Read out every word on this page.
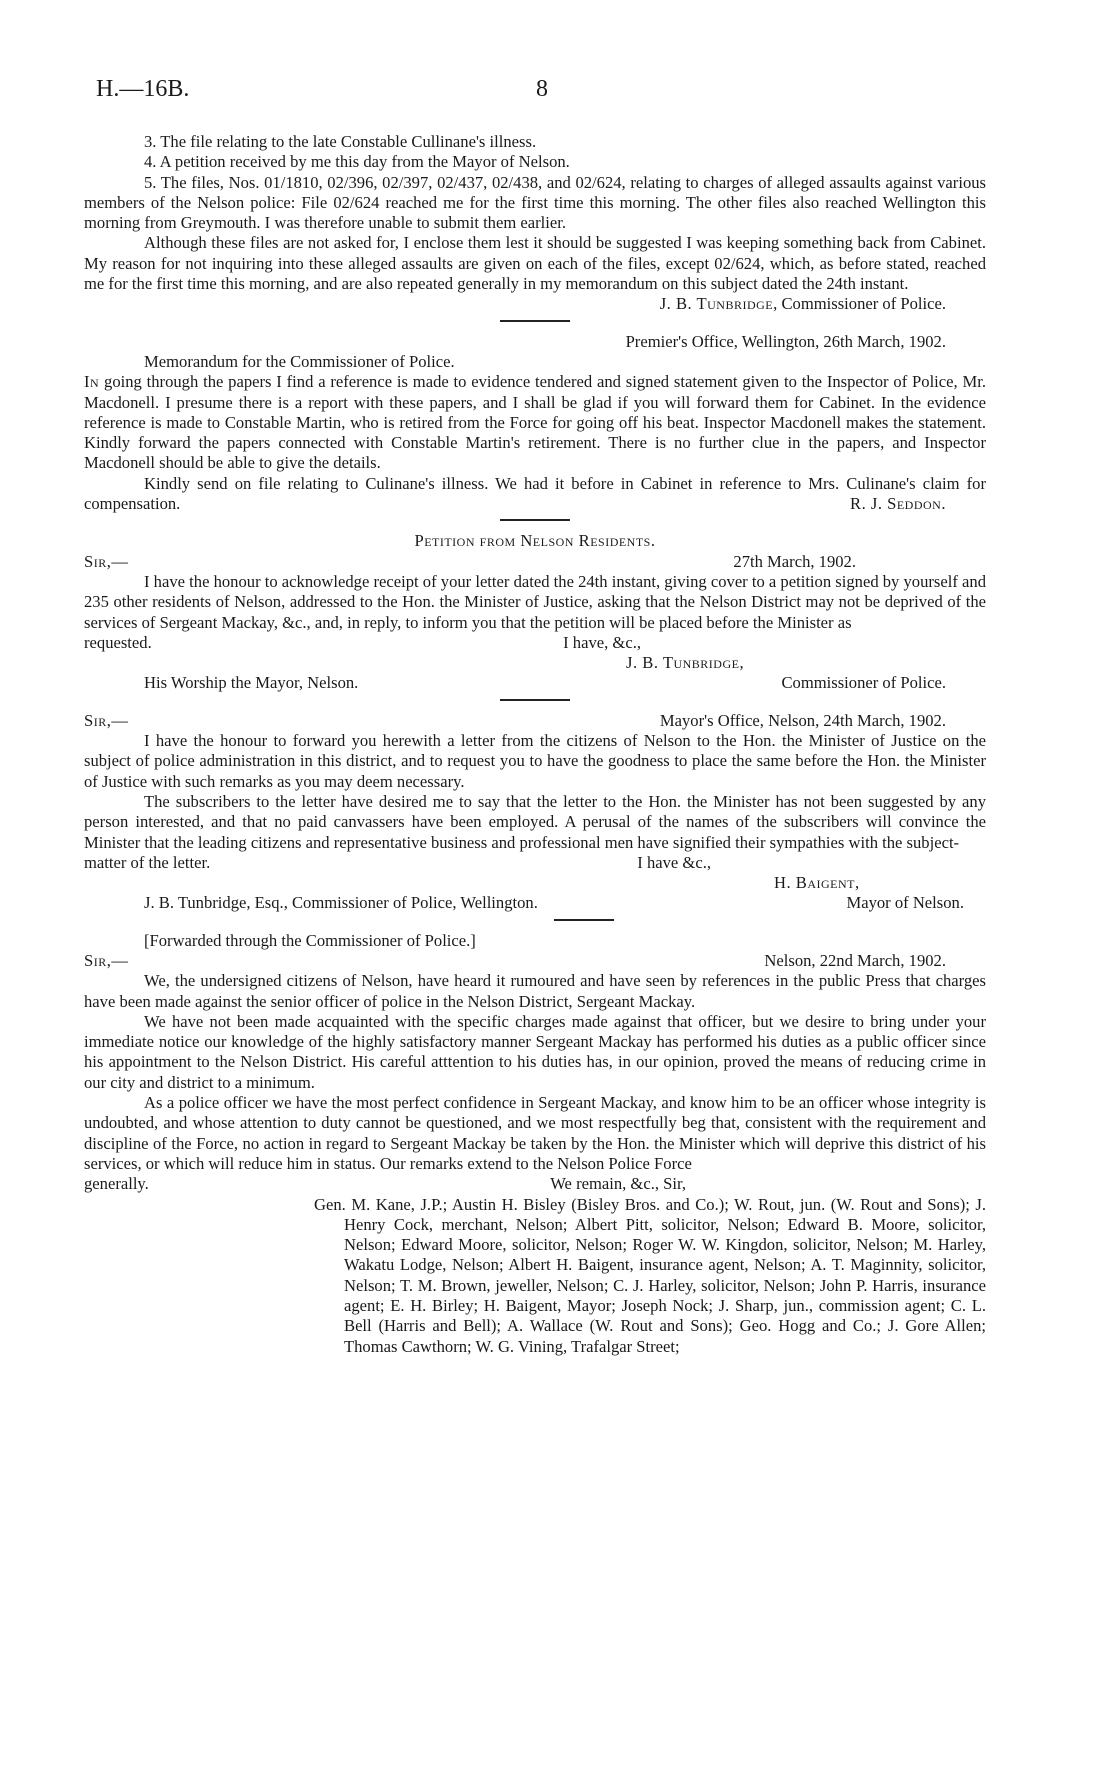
H.—16B.	8

3. The file relating to the late Constable Cullinane's illness.

4. A petition received by me this day from the Mayor of Nelson.

5. The files, Nos. 01/1810, 02/396, 02/397, 02/437, 02/438, and 02/624, relating to charges of alleged assaults against various members of the Nelson police: File 02/624 reached me for the first time this morning. The other files also reached Wellington this morning from Greymouth. I was therefore unable to submit them earlier.

Although these files are not asked for, I enclose them lest it should be suggested I was keeping something back from Cabinet. My reason for not inquiring into these alleged assaults are given on each of the files, except 02/624, which, as before stated, reached me for the first time this morning, and are also repeated generally in my memorandum on this subject dated the 24th instant.

J. B. Tunbridge, Commissioner of Police.

Premier's Office, Wellington, 26th March, 1902.

Memorandum for the Commissioner of Police.

In going through the papers I find a reference is made to evidence tendered and signed statement given to the Inspector of Police, Mr. Macdonell. I presume there is a report with these papers, and I shall be glad if you will forward them for Cabinet. In the evidence reference is made to Constable Martin, who is retired from the Force for going off his beat. Inspector Macdonell makes the statement. Kindly forward the papers connected with Constable Martin's retirement. There is no further clue in the papers, and Inspector Macdonell should be able to give the details.

Kindly send on file relating to Culinane's illness. We had it before in Cabinet in reference to Mrs. Culinane's claim for compensation.	R. J. Seddon.

Petition from Nelson Residents.

Sir,—	27th March, 1902.

I have the honour to acknowledge receipt of your letter dated the 24th instant, giving cover to a petition signed by yourself and 235 other residents of Nelson, addressed to the Hon. the Minister of Justice, asking that the Nelson District may not be deprived of the services of Sergeant Mackay, &c., and, in reply, to inform you that the petition will be placed before the Minister as

requested.	I have, &c.,

J. B. Tunbridge,

His Worship the Mayor, Nelson.	Commissioner of Police.
Sir,—	Mayor's Office, Nelson, 24th March, 1902.

I have the honour to forward you herewith a letter from the citizens of Nelson to the Hon. the Minister of Justice on the subject of police administration in this district, and to request you to have the goodness to place the same before the Hon. the Minister of Justice with such remarks as you may deem necessary.

The subscribers to the letter have desired me to say that the letter to the Hon. the Minister has not been suggested by any person interested, and that no paid canvassers have been employed. A perusal of the names of the subscribers will convince the Minister that the leading citizens and representative business and professional men have signified their sympathies with the subject-

matter of the letter.	I have &c.,

H. Baigent,

J. B. Tunbridge, Esq., Commissioner of Police, Wellington.	Mayor of Nelson.

[Forwarded through the Commissioner of Police.]

Sir,—	Nelson, 22nd March, 1902.

We, the undersigned citizens of Nelson, have heard it rumoured and have seen by references in the public Press that charges have been made against the senior officer of police in the Nelson District, Sergeant Mackay.

We have not been made acquainted with the specific charges made against that officer, but we desire to bring under your immediate notice our knowledge of the highly satisfactory manner Sergeant Mackay has performed his duties as a public officer since his appointment to the Nelson District. His careful atttention to his duties has, in our opinion, proved the means of reducing crime in our city and district to a minimum.

As a police officer we have the most perfect confidence in Sergeant Mackay, and know him to be an officer whose integrity is undoubted, and whose attention to duty cannot be questioned, and we most respectfully beg that, consistent with the requirement and discipline of the Force, no action in regard to Sergeant Mackay be taken by the Hon. the Minister which will deprive this district of his services, or which will reduce him in status. Our remarks extend to the Nelson Police Force

generally.	We remain, &c., Sir,

Gen. M. Kane, J.P.; Austin H. Bisley (Bisley Bros. and Co.); W. Rout, jun. (W. Rout and Sons); J. Henry Cock, merchant, Nelson; Albert Pitt, solicitor, Nelson; Edward B. Moore, solicitor, Nelson; Edward Moore, solicitor, Nelson; Roger W. W. Kingdon, solicitor, Nelson; M. Harley, Wakatu Lodge, Nelson; Albert H. Baigent, insurance agent, Nelson; A. T. Maginnity, solicitor, Nelson; T. M. Brown, jeweller, Nelson; C. J. Harley, solicitor, Nelson; John P. Harris, insurance agent; E. H. Birley; H. Baigent, Mayor; Joseph Nock; J. Sharp, jun., commission agent; C. L. Bell (Harris and Bell); A. Wallace (W. Rout and Sons); Geo. Hogg and Co.; J. Gore Allen; Thomas Cawthorn; W. G. Vining, Trafalgar Street;
